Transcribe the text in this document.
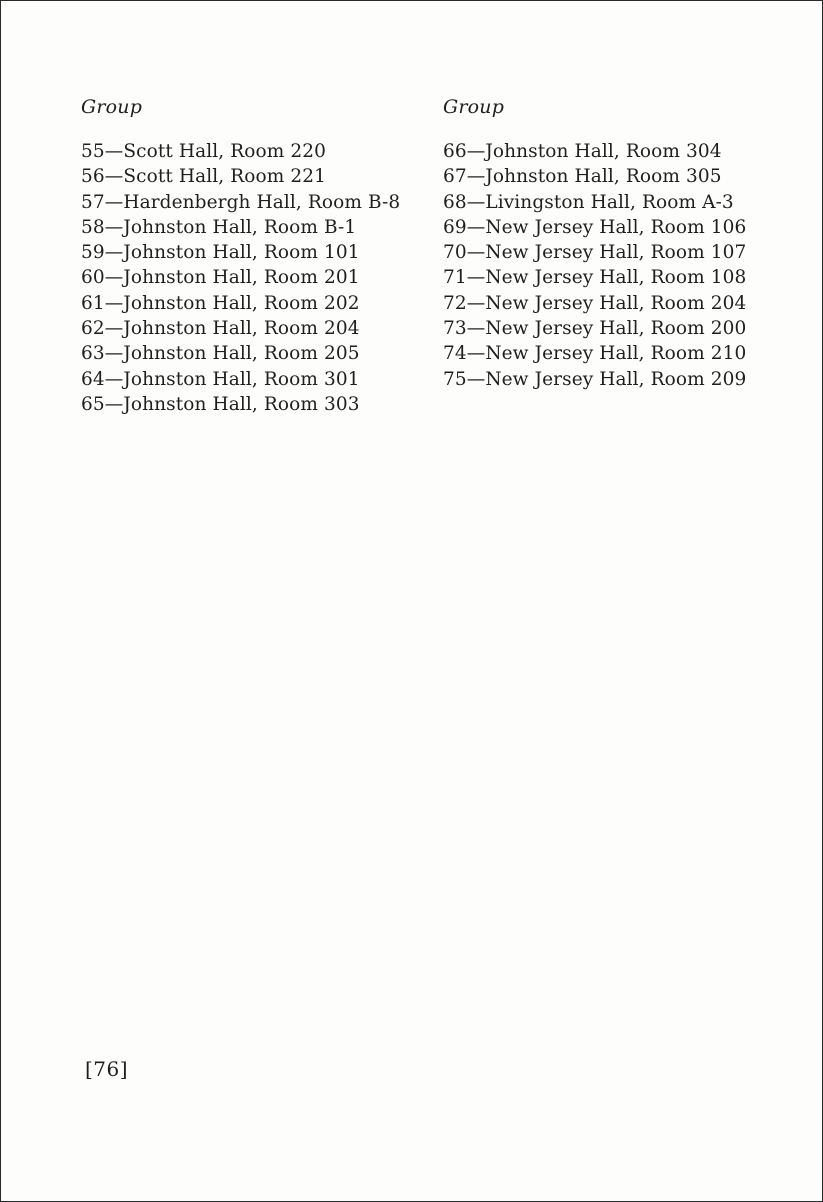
Group
55—Scott Hall, Room 220
56—Scott Hall, Room 221
57—Hardenbergh Hall, Room B-8
58—Johnston Hall, Room B-1
59—Johnston Hall, Room 101
60—Johnston Hall, Room 201
61—Johnston Hall, Room 202
62—Johnston Hall, Room 204
63—Johnston Hall, Room 205
64—Johnston Hall, Room 301
65—Johnston Hall, Room 303
Group
66—Johnston Hall, Room 304
67—Johnston Hall, Room 305
68—Livingston Hall, Room A-3
69—New Jersey Hall, Room 106
70—New Jersey Hall, Room 107
71—New Jersey Hall, Room 108
72—New Jersey Hall, Room 204
73—New Jersey Hall, Room 200
74—New Jersey Hall, Room 210
75—New Jersey Hall, Room 209
[76]
